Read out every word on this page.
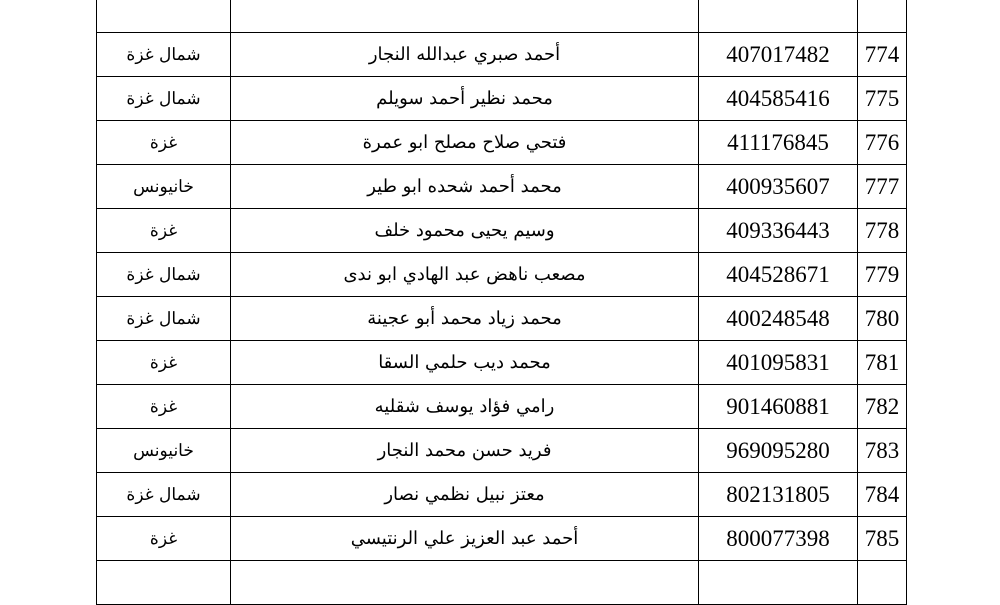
شمال غزة	أحمد صبري عبدالله النجار	407017482	774
شمال غزة	محمد نظير أحمد سويلم	404585416	775
غزة	فتحي صلاح مصلح ابو عمرة	411176845	776
خانيونس	محمد أحمد شحده ابو طير	400935607	777
غزة	وسيم يحيى محمود خلف	409336443	778
شمال غزة	مصعب ناهض عبد الهادي ابو ندى	404528671	779
شمال غزة	محمد زياد محمد أبو عجينة	400248548	780
غزة	محمد ديب حلمي السقا	401095831	781
غزة	رامي فؤاد يوسف شقليه	901460881	782
خانيونس	فريد حسن محمد النجار	969095280	783
شمال غزة	معتز نبيل نظمي نصار	802131805	784
غزة	أحمد عبد العزيز علي الرنتيسي	800077398	785
